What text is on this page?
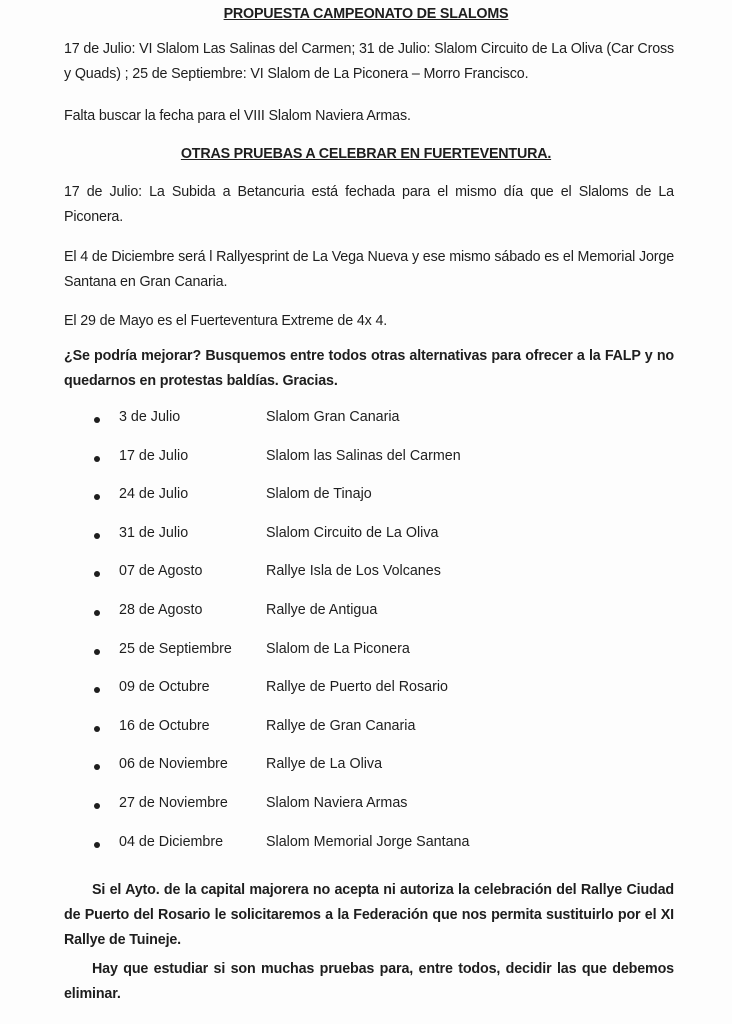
PROPUESTA CAMPEONATO DE SLALOMS
17 de Julio: VI Slalom Las Salinas del Carmen; 31 de Julio: Slalom Circuito de La Oliva (Car Cross y Quads) ; 25 de Septiembre: VI Slalom de La Piconera – Morro Francisco.
Falta buscar la fecha para el VIII Slalom Naviera Armas.
OTRAS PRUEBAS A CELEBRAR EN FUERTEVENTURA.
17 de Julio: La Subida a Betancuria está fechada para el mismo día que el Slaloms de La Piconera.
El 4 de Diciembre será l Rallyesprint de La Vega Nueva y ese mismo sábado es el Memorial Jorge Santana en Gran Canaria.
El 29 de Mayo es el Fuerteventura Extreme de 4x 4.
¿Se podría mejorar? Busquemos entre todos otras alternativas para ofrecer a la FALP y no quedarnos en protestas baldías. Gracias.
3 de Julio	Slalom Gran Canaria
17 de Julio	Slalom las Salinas del Carmen
24 de Julio	Slalom de Tinajo
31 de Julio	Slalom Circuito de La Oliva
07 de Agosto	Rallye Isla de Los Volcanes
28 de Agosto	Rallye de Antigua
25 de Septiembre Slalom de La Piconera
09 de Octubre	Rallye de Puerto del Rosario
16 de Octubre	Rallye de Gran Canaria
06 de Noviembre	Rallye de La Oliva
27 de Noviembre	Slalom Naviera Armas
04 de Diciembre	Slalom Memorial Jorge Santana
Si el Ayto. de la capital majorera no acepta ni autoriza la celebración del Rallye Ciudad de Puerto del Rosario le solicitaremos a la Federación que nos permita sustituirlo por el XI Rallye de Tuineje.
Hay que estudiar si son muchas pruebas para, entre todos, decidir las que debemos eliminar.
